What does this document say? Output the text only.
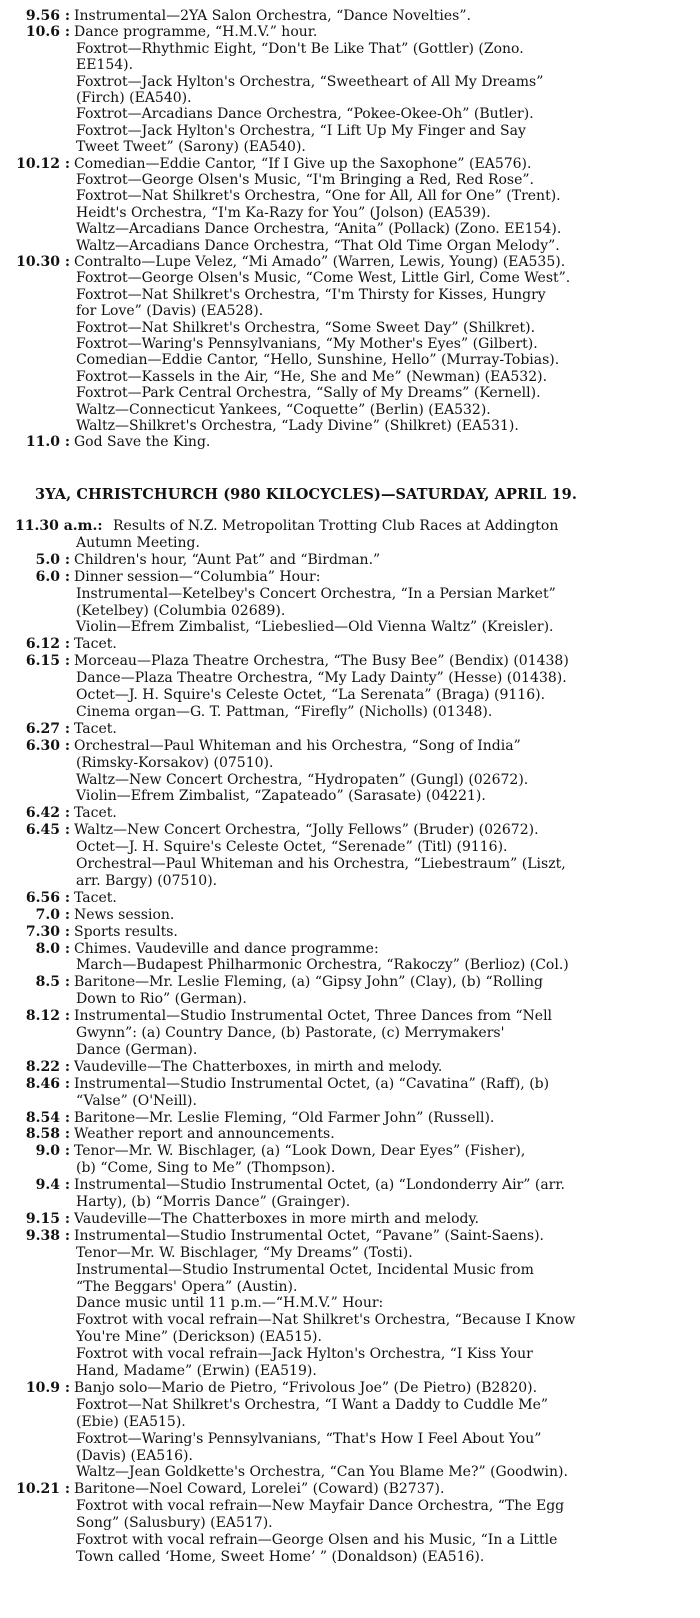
9.56 : Instrumental—2YA Salon Orchestra, “Dance Novelties”.
10.6 : Dance programme, “H.M.V.” hour.
Foxtrot—Rhythmic Eight, “Don't Be Like That” (Gottler) (Zono.
EE154).
Foxtrot—Jack Hylton's Orchestra, “Sweetheart of All My Dreams”
(Firch) (EA540).
Foxtrot—Arcadians Dance Orchestra, “Pokee-Okee-Oh” (Butler).
Foxtrot—Jack Hylton's Orchestra, “I Lift Up My Finger and Say
Tweet Tweet” (Sarony) (EA540).
10.12 : Comedian—Eddie Cantor, “If I Give up the Saxophone” (EA576).
Foxtrot—George Olsen's Music, “I'm Bringing a Red, Red Rose”.
Foxtrot—Nat Shilkret's Orchestra, “One for All, All for One” (Trent).
Heidt's Orchestra, “I'm Ka-Razy for You” (Jolson) (EA539).
Waltz—Arcadians Dance Orchestra, “Anita” (Pollack) (Zono. EE154).
Waltz—Arcadians Dance Orchestra, “That Old Time Organ Melody”.
10.30 : Contralto—Lupe Velez, “Mi Amado” (Warren, Lewis, Young) (EA535).
Foxtrot—George Olsen's Music, “Come West, Little Girl, Come West”.
Foxtrot—Nat Shilkret's Orchestra, “I'm Thirsty for Kisses, Hungry
for Love” (Davis) (EA528).
Foxtrot—Nat Shilkret's Orchestra, “Some Sweet Day” (Shilkret).
Foxtrot—Waring's Pennsylvanians, “My Mother's Eyes” (Gilbert).
Comedian—Eddie Cantor, “Hello, Sunshine, Hello” (Murray-Tobias).
Foxtrot—Kassels in the Air, “He, She and Me” (Newman) (EA532).
Foxtrot—Park Central Orchestra, “Sally of My Dreams” (Kernell).
Waltz—Connecticut Yankees, “Coquette” (Berlin) (EA532).
Waltz—Shilkret's Orchestra, “Lady Divine” (Shilkret) (EA531).
11.0 : God Save the King.
3YA, CHRISTCHURCH (980 KILOCYCLES)—SATURDAY, APRIL 19.
11.30 a.m.: Results of N.Z. Metropolitan Trotting Club Races at Addington
Autumn Meeting.
5.0 : Children's hour, “Aunt Pat” and “Birdman.”
6.0 : Dinner session—“Columbia” Hour:
Instrumental—Ketelbey's Concert Orchestra, “In a Persian Market”
(Ketelbey) (Columbia 02689).
Violin—Efrem Zimbalist, “Liebeslied—Old Vienna Waltz” (Kreisler).
6.12 : Tacet.
6.15 : Morceau—Plaza Theatre Orchestra, “The Busy Bee” (Bendix) (01438)
Dance—Plaza Theatre Orchestra, “My Lady Dainty” (Hesse) (01438).
Octet—J. H. Squire's Celeste Octet, “La Serenata” (Braga) (9116).
Cinema organ—G. T. Pattman, “Firefly” (Nicholls) (01348).
6.27 : Tacet.
6.30 : Orchestral—Paul Whiteman and his Orchestra, “Song of India”
(Rimsky-Korsakov) (07510).
Waltz—New Concert Orchestra, “Hydropaten” (Gungl) (02672).
Violin—Efrem Zimbalist, “Zapateado” (Sarasate) (04221).
6.42 : Tacet.
6.45 : Waltz—New Concert Orchestra, “Jolly Fellows” (Bruder) (02672).
Octet—J. H. Squire's Celeste Octet, “Serenade” (Titl) (9116).
Orchestral—Paul Whiteman and his Orchestra, “Liebestraum” (Liszt,
arr. Bargy) (07510).
6.56 : Tacet.
7.0 : News session.
7.30 : Sports results.
8.0 : Chimes. Vaudeville and dance programme:
March—Budapest Philharmonic Orchestra, “Rakoczy” (Berlioz) (Col.)
8.5 : Baritone—Mr. Leslie Fleming, (a) “Gipsy John” (Clay), (b) “Rolling
Down to Rio” (German).
8.12 : Instrumental—Studio Instrumental Octet, Three Dances from “Nell
Gwynn”: (a) Country Dance, (b) Pastorate, (c) Merrymakers'
Dance (German).
8.22 : Vaudeville—The Chatterboxes, in mirth and melody.
8.46 : Instrumental—Studio Instrumental Octet, (a) “Cavatina” (Raff), (b)
“Valse” (O'Neill).
8.54 : Baritone—Mr. Leslie Fleming, “Old Farmer John” (Russell).
8.58 : Weather report and announcements.
9.0 : Tenor—Mr. W. Bischlager, (a) “Look Down, Dear Eyes” (Fisher),
(b) “Come, Sing to Me” (Thompson).
9.4 : Instrumental—Studio Instrumental Octet, (a) “Londonderry Air” (arr.
Harty), (b) “Morris Dance” (Grainger).
9.15 : Vaudeville—The Chatterboxes in more mirth and melody.
9.38 : Instrumental—Studio Instrumental Octet, “Pavane” (Saint-Saens).
Tenor—Mr. W. Bischlager, “My Dreams” (Tosti).
Instrumental—Studio Instrumental Octet, Incidental Music from
“The Beggars' Opera” (Austin).
Dance music until 11 p.m.—“H.M.V.” Hour:
Foxtrot with vocal refrain—Nat Shilkret's Orchestra, “Because I Know
You're Mine” (Derickson) (EA515).
Foxtrot with vocal refrain—Jack Hylton's Orchestra, “I Kiss Your
Hand, Madame” (Erwin) (EA519).
10.9 : Banjo solo—Mario de Pietro, “Frivolous Joe” (De Pietro) (B2820).
Foxtrot—Nat Shilkret's Orchestra, “I Want a Daddy to Cuddle Me”
(Ebie) (EA515).
Foxtrot—Waring's Pennsylvanians, “That's How I Feel About You”
(Davis) (EA516).
Waltz—Jean Goldkette's Orchestra, “Can You Blame Me?” (Goodwin).
10.21 : Baritone—Noel Coward, Lorelei” (Coward) (B2737).
Foxtrot with vocal refrain—New Mayfair Dance Orchestra, “The Egg
Song” (Salusbury) (EA517).
Foxtrot with vocal refrain—George Olsen and his Music, “In a Little
Town called ‘Home, Sweet Home’ ” (Donaldson) (EA516).
